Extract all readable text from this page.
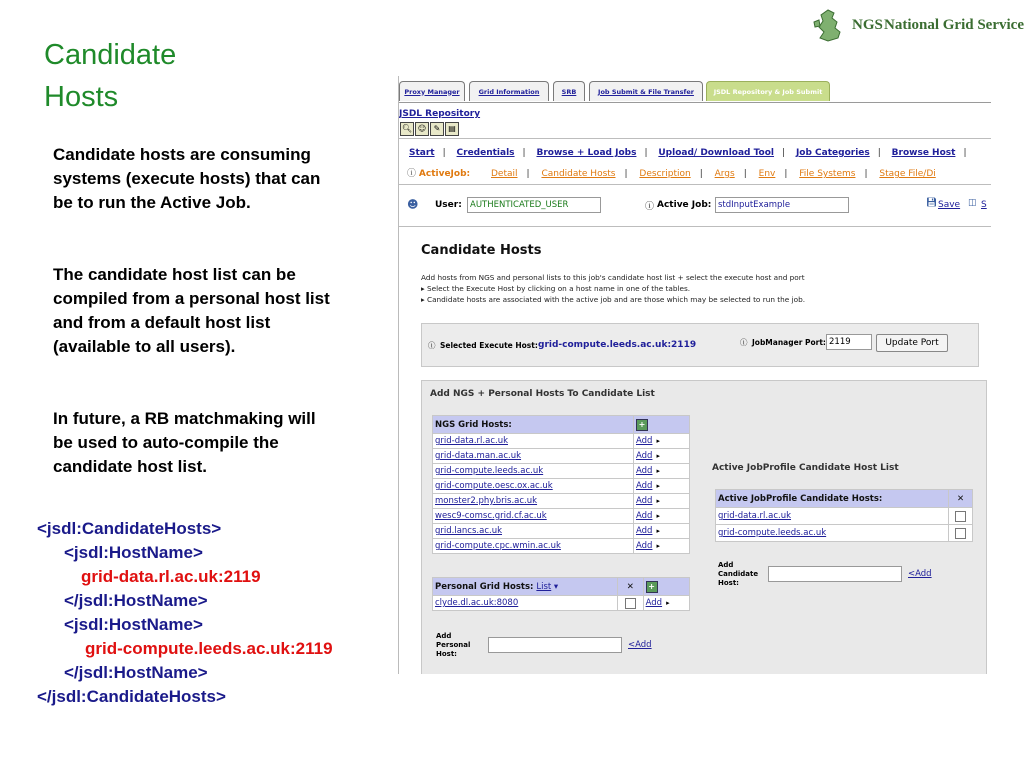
Candidate Hosts
NGS National Grid Service
Candidate hosts are consuming systems (execute hosts) that can be to run the Active Job.
The candidate host list can be compiled from a personal host list and from a default host list (available to all users).
In future, a RB matchmaking will be used to auto-compile the candidate host list.
<jsdl:CandidateHosts>
<jsdl:HostName>
grid-data.rl.ac.uk:2119
</jsdl:HostName>
<jsdl:HostName>
grid-compute.leeds.ac.uk:2119
</jsdl:HostName>
</jsdl:CandidateHosts>
Proxy Manager	Grid Information	SRB	Job Submit & File Transfer	JSDL Repository & Job Submit
JSDL Repository
🔍︎ ☺ ✎ ▤
Start | Credentials | Browse + Load Jobs | Upload/ Download Tool | Job Categories | Browse Host |
ⓘ ActiveJob: Detail | Candidate Hosts | Description | Args | Env | File Systems | Stage File/Di
☻ User: AUTHENTICATED_USER	ⓘ Active Job: stdInputExample	💾︎ Save ◫ S
Candidate Hosts
Add hosts from NGS and personal lists to this job's candidate host list + select the execute host and port
▸ Select the Execute Host by clicking on a host name in one of the tables.
▸ Candidate hosts are associated with the active job and are those which may be selected to run the job.
ⓘ Selected Execute Host: grid-compute.leeds.ac.uk:2119	ⓘ JobManager Port: 2119	Update Port
Add NGS + Personal Hosts To Candidate List
NGS Grid Hosts:	+
grid-data.rl.ac.uk	Add ▸
grid-data.man.ac.uk	Add ▸
grid-compute.leeds.ac.uk	Add ▸
grid-compute.oesc.ox.ac.uk	Add ▸
monster2.phy.bris.ac.uk	Add ▸
wesc9-comsc.grid.cf.ac.uk	Add ▸
grid.lancs.ac.uk	Add ▸
grid-compute.cpc.wmin.ac.uk	Add ▸
Personal Grid Hosts: List ▾	✕	+
clyde.dl.ac.uk:8080		Add ▸
Add Personal Host:
<Add
Active JobProfile Candidate Host List
Active JobProfile Candidate Hosts:	✕
grid-data.rl.ac.uk	
grid-compute.leeds.ac.uk	
Add Candidate Host:
<Add
